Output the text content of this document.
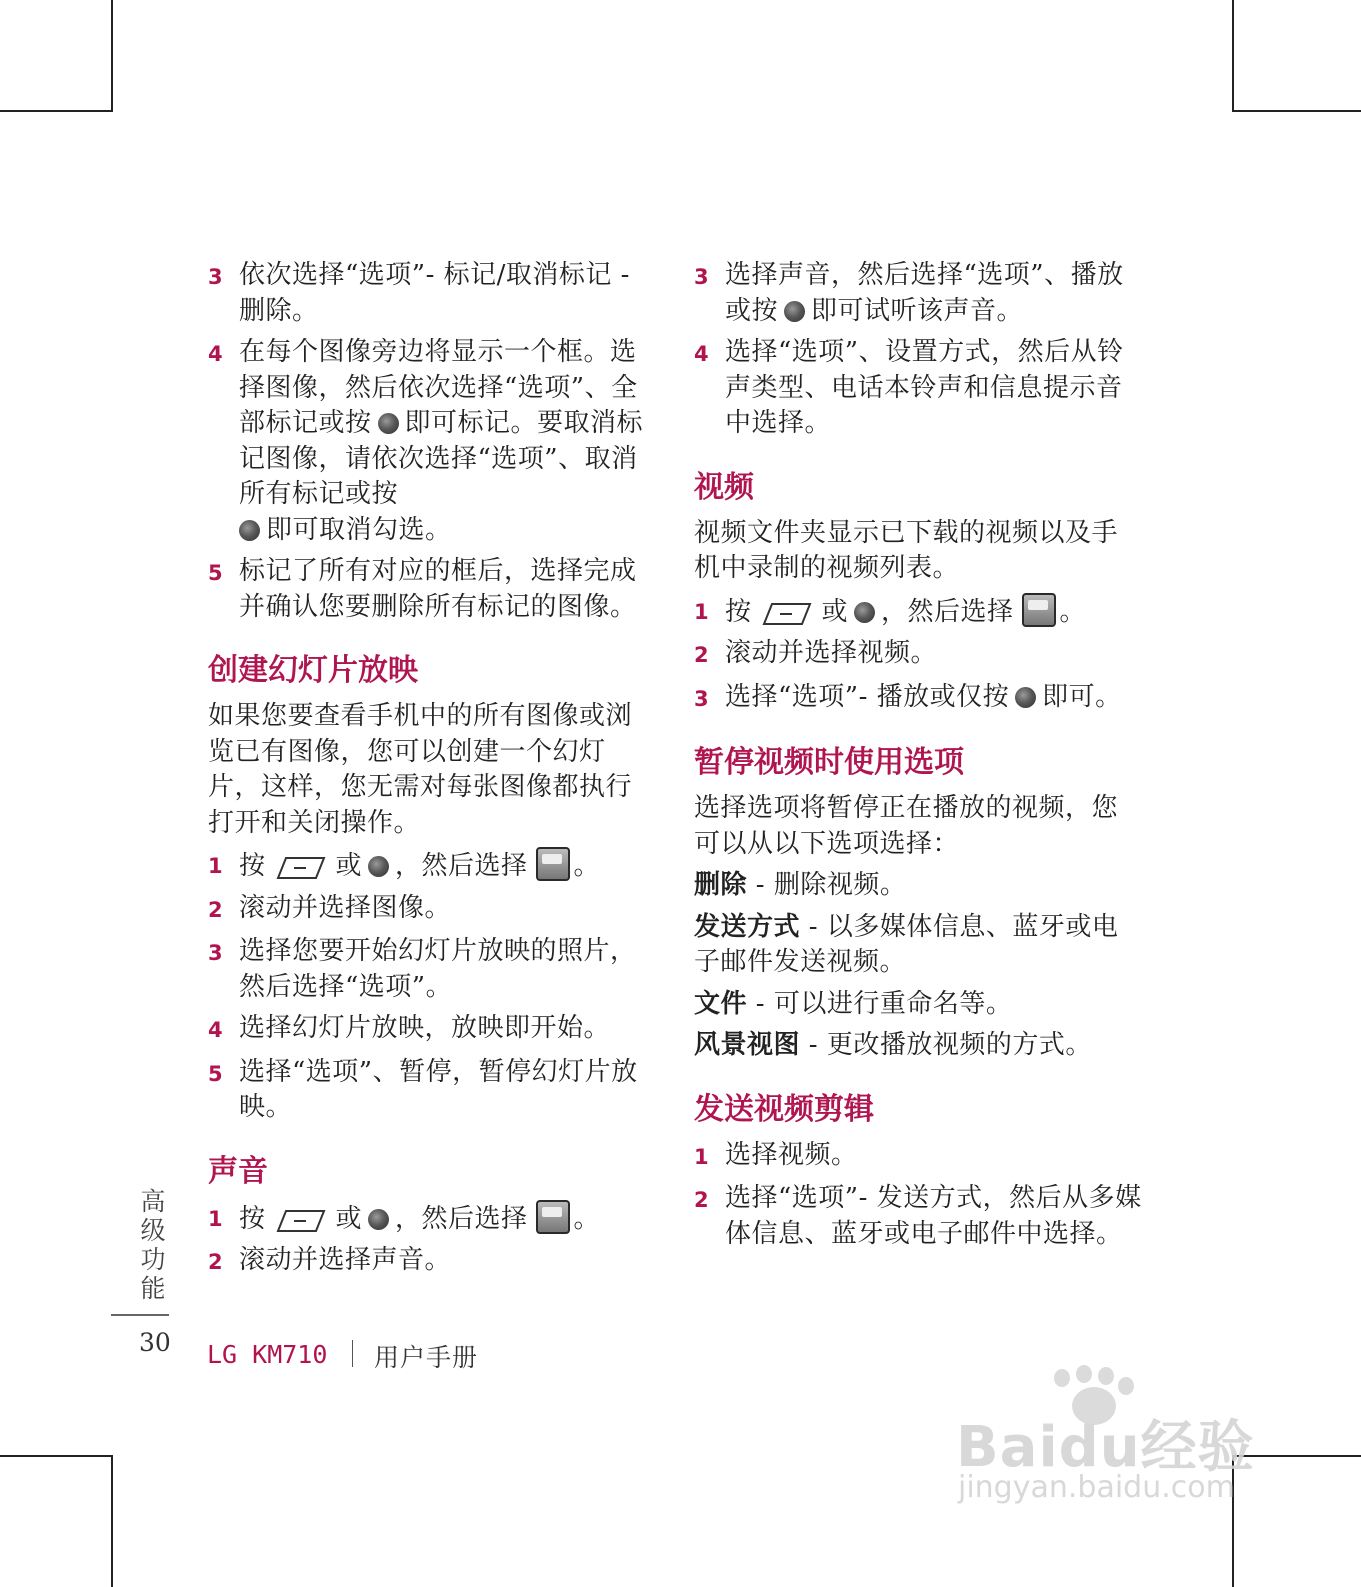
3 依次选择“选项”- 标记/取消标记 - 删除。
4 在每个图像旁边将显示一个框。选择图像，然后依次选择“选项”、全部标记或按 即可标记。要取消标记图像，请依次选择“选项”、取消所有标记或按
即可取消勾选。
5 标记了所有对应的框后，选择完成并确认您要删除所有标记的图像。
创建幻灯片放映

如果您要查看手机中的所有图像或浏览已有图像，您可以创建一个幻灯片，这样，您无需对每张图像都执行打开和关闭操作。

1 按	或 ，然后选择 。
2 滚动并选择图像。
3 选择您要开始幻灯片放映的照片，然后选择“选项”。
4 选择幻灯片放映，放映即开始。
5 选择“选项”、暂停，暂停幻灯片放映。
声音
1 按	或 ，然后选择 。
2 滚动并选择声音。
3 选择声音，然后选择“选项”、播放或按 即可试听该声音。
4 选择“选项”、设置方式，然后从铃声类型、电话本铃声和信息提示音中选择。
视频

视频文件夹显示已下载的视频以及手机中录制的视频列表。

1 按	或 ，然后选择 。
2 滚动并选择视频。
3 选择“选项”- 播放或仅按 即可。
暂停视频时使用选项

选择选项将暂停正在播放的视频，您可以从以下选项选择：

删除 - 删除视频。

发送方式 - 以多媒体信息、蓝牙或电子邮件发送视频。

文件 - 可以进行重命名等。

风景视图 - 更改播放视频的方式。

发送视频剪辑
1 选择视频。
2 选择“选项”- 发送方式，然后从多媒体信息、蓝牙或电子邮件中选择。
高级功能
30 LG KM710 用户手册
Baidu经验
jingyan.baidu.com
